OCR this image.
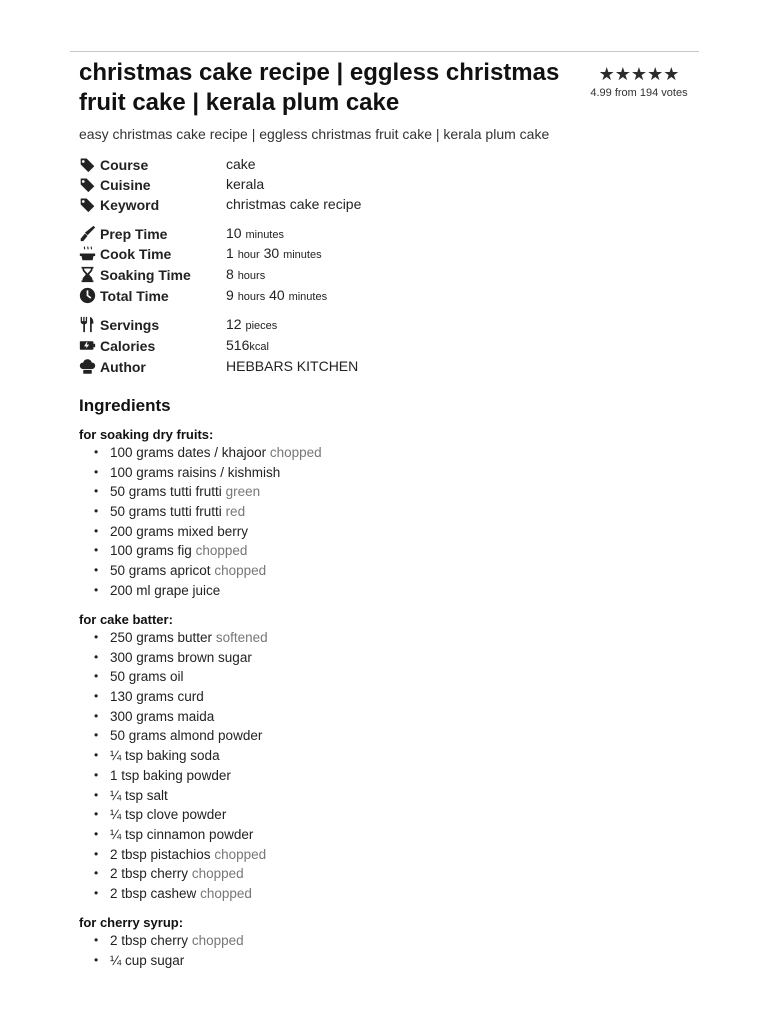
christmas cake recipe | eggless christmas fruit cake | kerala plum cake
★★★★★
4.99 from 194 votes
easy christmas cake recipe | eggless christmas fruit cake | kerala plum cake
Course	cake
Cuisine	kerala
Keyword	christmas cake recipe
Prep Time	10 minutes
Cook Time	1 hour 30 minutes
Soaking Time	8 hours
Total Time	9 hours 40 minutes
Servings	12 pieces
Calories	516kcal
Author	HEBBARS KITCHEN
Ingredients
for soaking dry fruits:
• 100 grams dates / khajoor chopped
• 100 grams raisins / kishmish
• 50 grams tutti frutti green
• 50 grams tutti frutti red
• 200 grams mixed berry
• 100 grams fig chopped
• 50 grams apricot chopped
• 200 ml grape juice
for cake batter:
• 250 grams butter softened
• 300 grams brown sugar
• 50 grams oil
• 130 grams curd
• 300 grams maida
• 50 grams almond powder
• ¼ tsp baking soda
• 1 tsp baking powder
• ¼ tsp salt
• ¼ tsp clove powder
• ¼ tsp cinnamon powder
• 2 tbsp pistachios chopped
• 2 tbsp cherry chopped
• 2 tbsp cashew chopped
for cherry syrup:
• 2 tbsp cherry chopped
• ¼ cup sugar
